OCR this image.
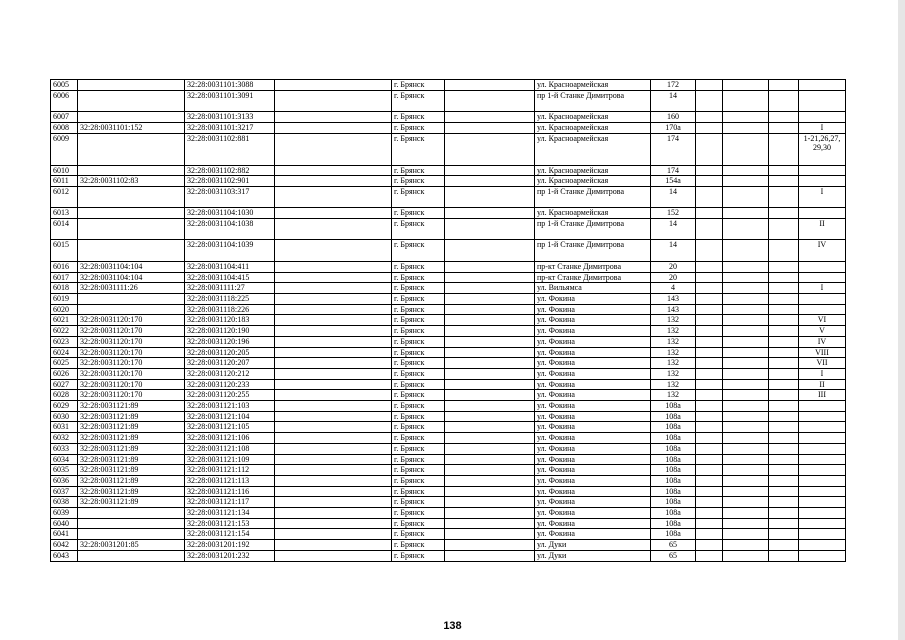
6005		32:28:0031101:3088		г. Брянск		ул. Красноармейская	172				
6006		32:28:0031101:3091		г. Брянск		пр 1-й Станке Димитрова	14				
6007		32:28:0031101:3133		г. Брянск		ул. Красноармейская	160				
6008	32:28:0031101:152	32:28:0031101:3217		г. Брянск		ул. Красноармейская	170а				I
6009		32:28:0031102:881		г. Брянск		ул. Красноармейская	174				1-21,26,27,
29,30
6010		32:28:0031102:882		г. Брянск		ул. Красноармейская	174				
6011	32:28:0031102:83	32:28:0031102:901		г. Брянск		ул. Красноармейская	154а				
6012		32:28:0031103:317		г. Брянск		пр 1-й Станке Димитрова	14				I
6013		32:28:0031104:1030		г. Брянск		ул. Красноармейская	152				
6014		32:28:0031104:1038		г. Брянск		пр 1-й Станке Димитрова	14				II
6015		32:28:0031104:1039		г. Брянск		пр 1-й Станке Димитрова	14				IV
6016	32:28:0031104:104	32:28:0031104:411		г. Брянск		пр-кт Станке Димитрова	20				
6017	32:28:0031104:104	32:28:0031104:415		г. Брянск		пр-кт Станке Димитрова	20				
6018	32:28:0031111:26	32:28:0031111:27		г. Брянск		ул. Вильямса	4				I
6019		32:28:0031118:225		г. Брянск		ул. Фокина	143				
6020		32:28:0031118:226		г. Брянск		ул. Фокина	143				
6021	32:28:0031120:170	32:28:0031120:183		г. Брянск		ул. Фокина	132				VI
6022	32:28:0031120:170	32:28:0031120:190		г. Брянск		ул. Фокина	132				V
6023	32:28:0031120:170	32:28:0031120:196		г. Брянск		ул. Фокина	132				IV
6024	32:28:0031120:170	32:28:0031120:205		г. Брянск		ул. Фокина	132				VIII
6025	32:28:0031120:170	32:28:0031120:207		г. Брянск		ул. Фокина	132				VII
6026	32:28:0031120:170	32:28:0031120:212		г. Брянск		ул. Фокина	132				I
6027	32:28:0031120:170	32:28:0031120:233		г. Брянск		ул. Фокина	132				II
6028	32:28:0031120:170	32:28:0031120:255		г. Брянск		ул. Фокина	132				III
6029	32:28:0031121:89	32:28:0031121:103		г. Брянск		ул. Фокина	108а				
6030	32:28:0031121:89	32:28:0031121:104		г. Брянск		ул. Фокина	108а				
6031	32:28:0031121:89	32:28:0031121:105		г. Брянск		ул. Фокина	108а				
6032	32:28:0031121:89	32:28:0031121:106		г. Брянск		ул. Фокина	108а				
6033	32:28:0031121:89	32:28:0031121:108		г. Брянск		ул. Фокина	108а				
6034	32:28:0031121:89	32:28:0031121:109		г. Брянск		ул. Фокина	108а				
6035	32:28:0031121:89	32:28:0031121:112		г. Брянск		ул. Фокина	108а				
6036	32:28:0031121:89	32:28:0031121:113		г. Брянск		ул. Фокина	108а				
6037	32:28:0031121:89	32:28:0031121:116		г. Брянск		ул. Фокина	108а				
6038	32:28:0031121:89	32:28:0031121:117		г. Брянск		ул. Фокина	108а				
6039		32:28:0031121:134		г. Брянск		ул. Фокина	108а				
6040		32:28:0031121:153		г. Брянск		ул. Фокина	108а				
6041		32:28:0031121:154		г. Брянск		ул. Фокина	108а				
6042	32:28:0031201:85	32:28:0031201:192		г. Брянск		ул. Дуки	65				
6043		32:28:0031201:232		г. Брянск		ул. Дуки	65				
138
